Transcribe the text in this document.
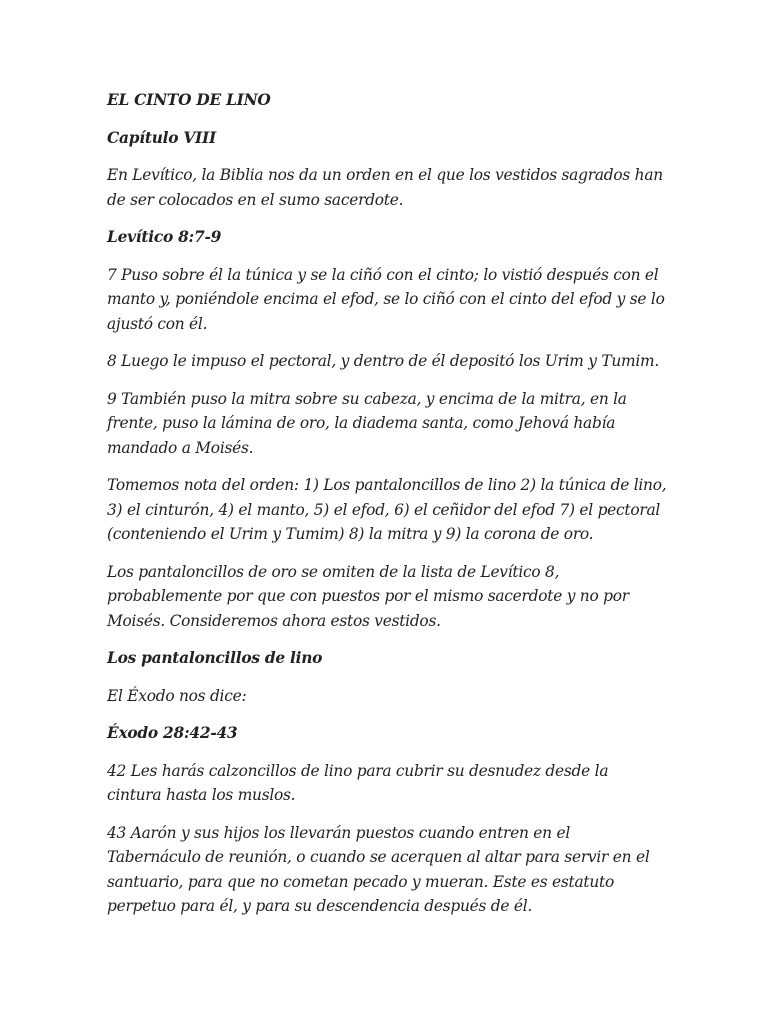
EL CINTO DE LINO

Capítulo VIII

En Levítico, la Biblia nos da un orden en el que los vestidos sagrados han de ser colocados en el sumo sacerdote.

Levítico 8:7-9

7 Puso sobre él la túnica y se la ciñó con el cinto; lo vistió después con el manto y, poniéndole encima el efod, se lo ciñó con el cinto del efod y se lo ajustó con él.

8 Luego le impuso el pectoral, y dentro de él depositó los Urim y Tumim.

9 También puso la mitra sobre su cabeza, y encima de la mitra, en la frente, puso la lámina de oro, la diadema santa, como Jehová había mandado a Moisés.

Tomemos nota del orden: 1) Los pantaloncillos de lino 2) la túnica de lino, 3) el cinturón, 4) el manto, 5) el efod, 6) el ceñidor del efod 7) el pectoral (conteniendo el Urim y Tumim) 8) la mitra y 9) la corona de oro.

Los pantaloncillos de oro se omiten de la lista de Levítico 8, probablemente por que con puestos por el mismo sacerdote y no por Moisés. Consideremos ahora estos vestidos.

Los pantaloncillos de lino

El Éxodo nos dice:

Éxodo 28:42-43

42 Les harás calzoncillos de lino para cubrir su desnudez desde la cintura hasta los muslos.

43 Aarón y sus hijos los llevarán puestos cuando entren en el Tabernáculo de reunión, o cuando se acerquen al altar para servir en el santuario, para que no cometan pecado y mueran. Este es estatuto perpetuo para él, y para su descendencia después de él.
